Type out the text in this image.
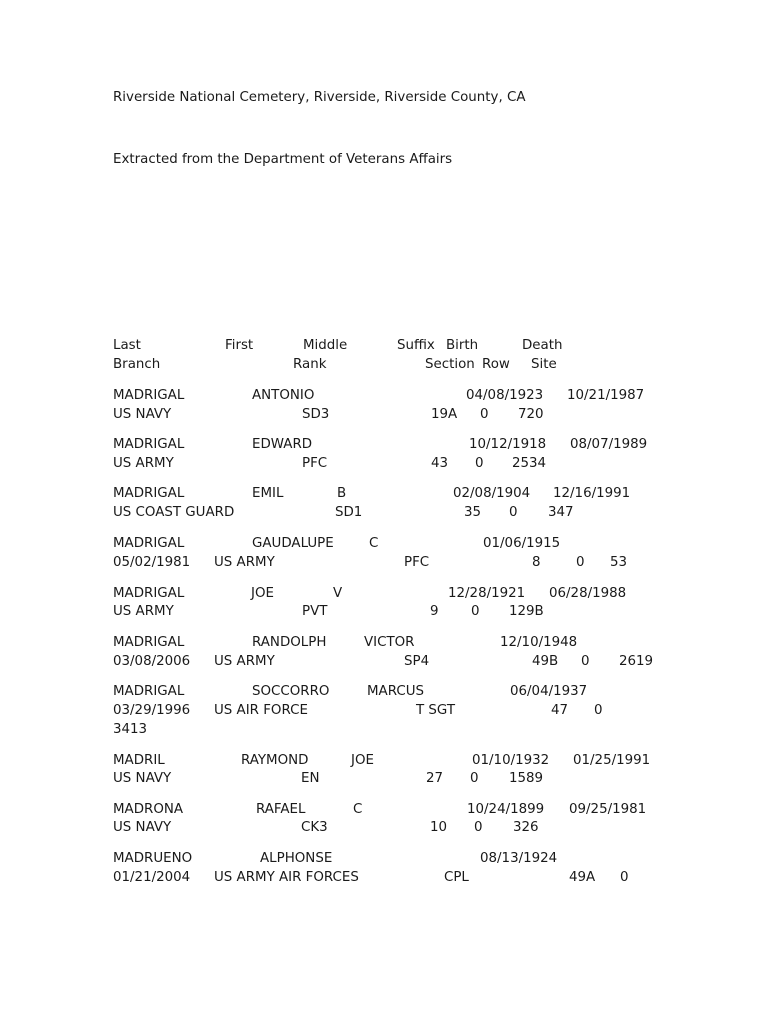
Riverside National Cemetery, Riverside, Riverside County, CA
Extracted from the Department of Veterans Affairs
Last	First	Middle	Suffix Birth	Death
Branch	Rank	Section Row Site
MADRIGAL	ANTONIO	04/08/1923 10/21/1987
US NAVY	SD3	19A 0 720
MADRIGAL	EDWARD	10/12/1918 08/07/1989
US ARMY	PFC	43 0 2534
MADRIGAL	EMIL	B	02/08/1904 12/16/1991
US COAST GUARD	SD1	35 0 347
MADRIGAL	GAUDALUPE	C	01/06/1915
05/02/1981 US ARMY	PFC	8	0 53
MADRIGAL	JOE	V	12/28/1921 06/28/1988
US ARMY	PVT	9 0 129B
MADRIGAL	RANDOLPH	VICTOR	12/10/1948
03/08/2006 US ARMY	SP4	49B 0 2619
MADRIGAL	SOCCORRO	MARCUS	06/04/1937
03/29/1996 US AIR FORCE	T SGT	47 0
3413
MADRIL	RAYMOND	JOE	01/10/1932 01/25/1991
US NAVY	EN	27 0 1589
MADRONA	RAFAEL	C	10/24/1899 09/25/1981
US NAVY	CK3	10 0 326
MADRUENO	ALPHONSE	08/13/1924
01/21/2004 US ARMY AIR FORCES	CPL	49A 0
